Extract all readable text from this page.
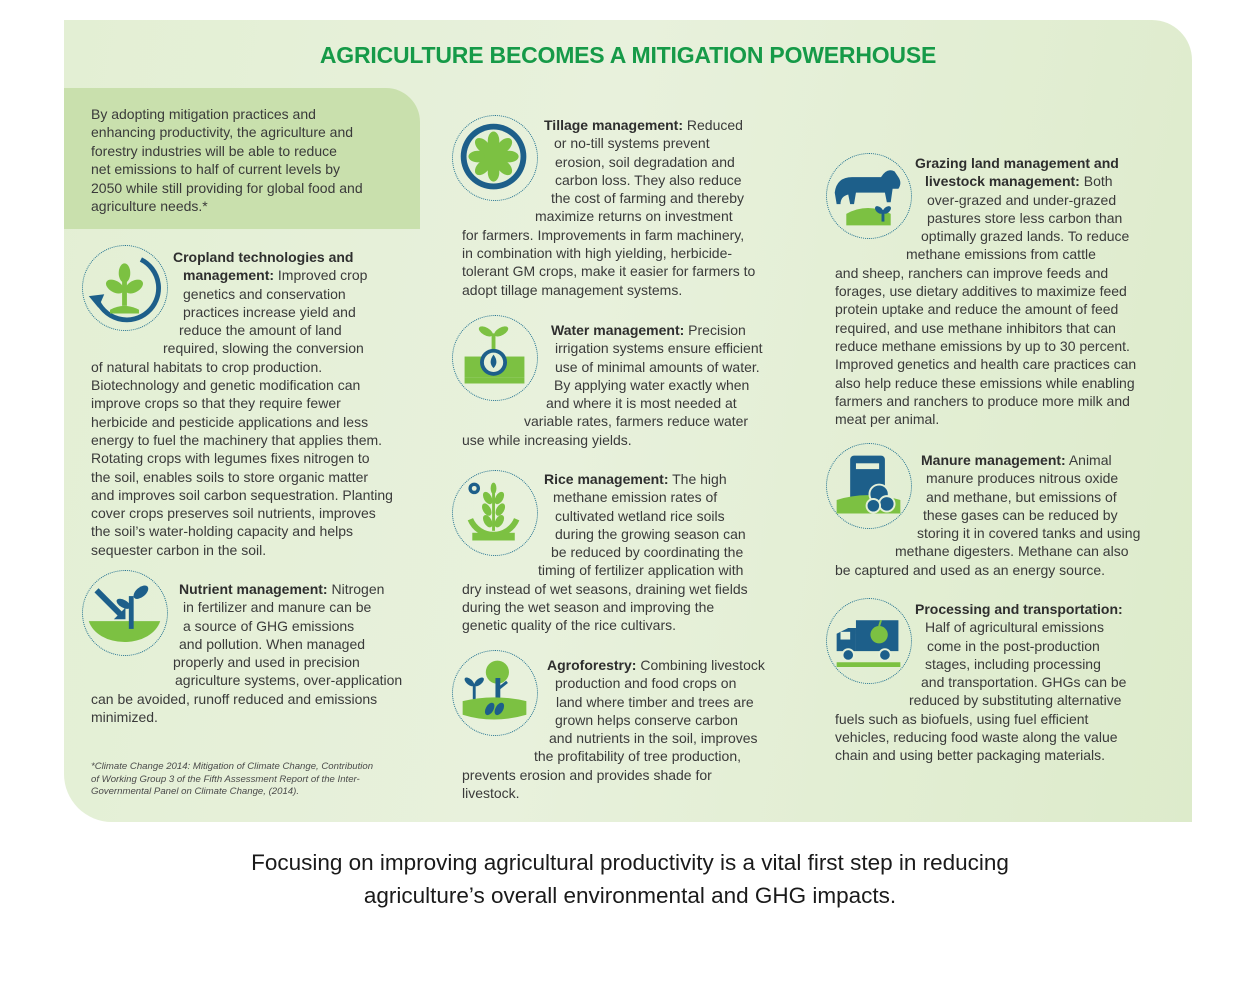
AGRICULTURE BECOMES A MITIGATION POWERHOUSE
By adopting mitigation practices and
enhancing productivity, the agriculture and
forestry industries will be able to reduce
net emissions to half of current levels by
2050 while still providing for global food and
agriculture needs.*
Cropland technologies and
management: Improved crop
genetics and conservation
practices increase yield and
reduce the amount of land
required, slowing the conversion
of natural habitats to crop production.
Biotechnology and genetic modification can
improve crops so that they require fewer
herbicide and pesticide applications and less
energy to fuel the machinery that applies them.
Rotating crops with legumes fixes nitrogen to
the soil, enables soils to store organic matter
and improves soil carbon sequestration. Planting
cover crops preserves soil nutrients, improves
the soil’s water-holding capacity and helps
sequester carbon in the soil.
Nutrient management: Nitrogen
in fertilizer and manure can be
a source of GHG emissions
and pollution. When managed
properly and used in precision
agriculture systems, over-application
can be avoided, runoff reduced and emissions
minimized.
*Climate Change 2014: Mitigation of Climate Change, Contribution
of Working Group 3 of the Fifth Assessment Report of the Inter-
Governmental Panel on Climate Change, (2014).
Tillage management: Reduced
or no-till systems prevent
erosion, soil degradation and
carbon loss. They also reduce
the cost of farming and thereby
maximize returns on investment
for farmers. Improvements in farm machinery,
in combination with high yielding, herbicide-
tolerant GM crops, make it easier for farmers to
adopt tillage management systems.
Water management: Precision
irrigation systems ensure efficient
use of minimal amounts of water.
By applying water exactly when
and where it is most needed at
variable rates, farmers reduce water
use while increasing yields.
Rice management: The high
methane emission rates of
cultivated wetland rice soils
during the growing season can
be reduced by coordinating the
timing of fertilizer application with
dry instead of wet seasons, draining wet fields
during the wet season and improving the
genetic quality of the rice cultivars.
Agroforestry: Combining livestock
production and food crops on
land where timber and trees are
grown helps conserve carbon
and nutrients in the soil, improves
the profitability of tree production,
prevents erosion and provides shade for
livestock.
Grazing land management and
livestock management: Both
over-grazed and under-grazed
pastures store less carbon than
optimally grazed lands. To reduce
methane emissions from cattle
and sheep, ranchers can improve feeds and
forages, use dietary additives to maximize feed
protein uptake and reduce the amount of feed
required, and use methane inhibitors that can
reduce methane emissions by up to 30 percent.
Improved genetics and health care practices can
also help reduce these emissions while enabling
farmers and ranchers to produce more milk and
meat per animal.
Manure management: Animal
manure produces nitrous oxide
and methane, but emissions of
these gases can be reduced by
storing it in covered tanks and using
methane digesters. Methane can also
be captured and used as an energy source.
Processing and transportation:
Half of agricultural emissions
come in the post-production
stages, including processing
and transportation. GHGs can be
reduced by substituting alternative
fuels such as biofuels, using fuel efficient
vehicles, reducing food waste along the value
chain and using better packaging materials.
Focusing on improving agricultural productivity is a vital first step in reducing
agriculture’s overall environmental and GHG impacts.
